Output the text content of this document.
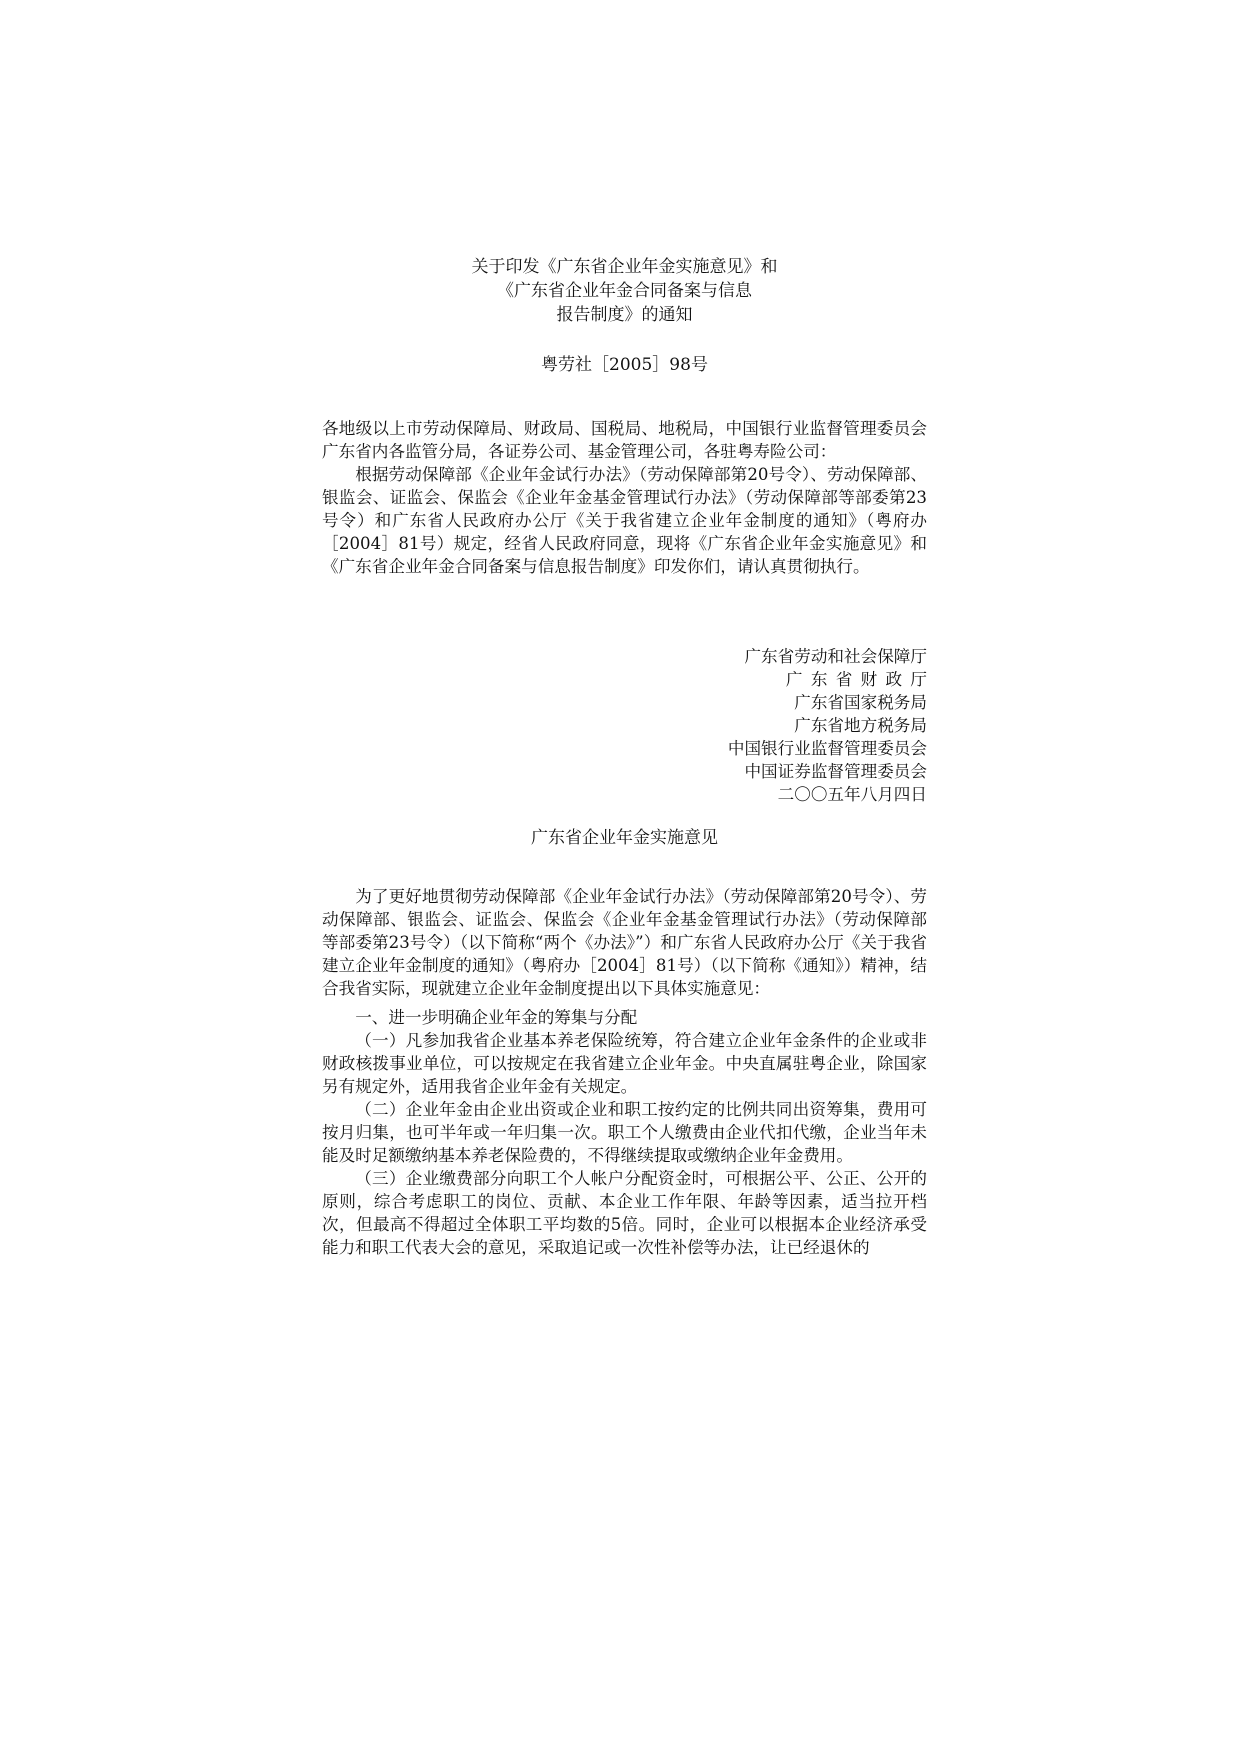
关于印发《广东省企业年金实施意见》和
《广东省企业年金合同备案与信息
报告制度》的通知
粤劳社［2005］98号

各地级以上市劳动保障局、财政局、国税局、地税局，中国银行业监督管理委员会广东省内各监管分局，各证券公司、基金管理公司，各驻粤寿险公司：

根据劳动保障部《企业年金试行办法》（劳动保障部第20号令）、劳动保障部、银监会、证监会、保监会《企业年金基金管理试行办法》（劳动保障部等部委第23号令）和广东省人民政府办公厅《关于我省建立企业年金制度的通知》（粤府办［2004］81号）规定，经省人民政府同意，现将《广东省企业年金实施意见》和《广东省企业年金合同备案与信息报告制度》印发你们，请认真贯彻执行。

广东省劳动和社会保障厅
广东省财政厅
广东省国家税务局
广东省地方税务局
中国银行业监督管理委员会
中国证券监督管理委员会
二〇〇五年八月四日
广东省企业年金实施意见

为了更好地贯彻劳动保障部《企业年金试行办法》（劳动保障部第20号令）、劳动保障部、银监会、证监会、保监会《企业年金基金管理试行办法》（劳动保障部等部委第23号令）（以下简称“两个《办法》”）和广东省人民政府办公厅《关于我省建立企业年金制度的通知》（粤府办［2004］81号）（以下简称《通知》）精神，结合我省实际，现就建立企业年金制度提出以下具体实施意见：

一、进一步明确企业年金的筹集与分配

（一）凡参加我省企业基本养老保险统筹，符合建立企业年金条件的企业或非财政核拨事业单位，可以按规定在我省建立企业年金。中央直属驻粤企业，除国家另有规定外，适用我省企业年金有关规定。

（二）企业年金由企业出资或企业和职工按约定的比例共同出资筹集，费用可按月归集，也可半年或一年归集一次。职工个人缴费由企业代扣代缴，企业当年未能及时足额缴纳基本养老保险费的，不得继续提取或缴纳企业年金费用。

（三）企业缴费部分向职工个人帐户分配资金时，可根据公平、公正、公开的原则，综合考虑职工的岗位、贡献、本企业工作年限、年龄等因素，适当拉开档次，但最高不得超过全体职工平均数的5倍。同时，企业可以根据本企业经济承受能力和职工代表大会的意见，采取追记或一次性补偿等办法，让已经退休的
